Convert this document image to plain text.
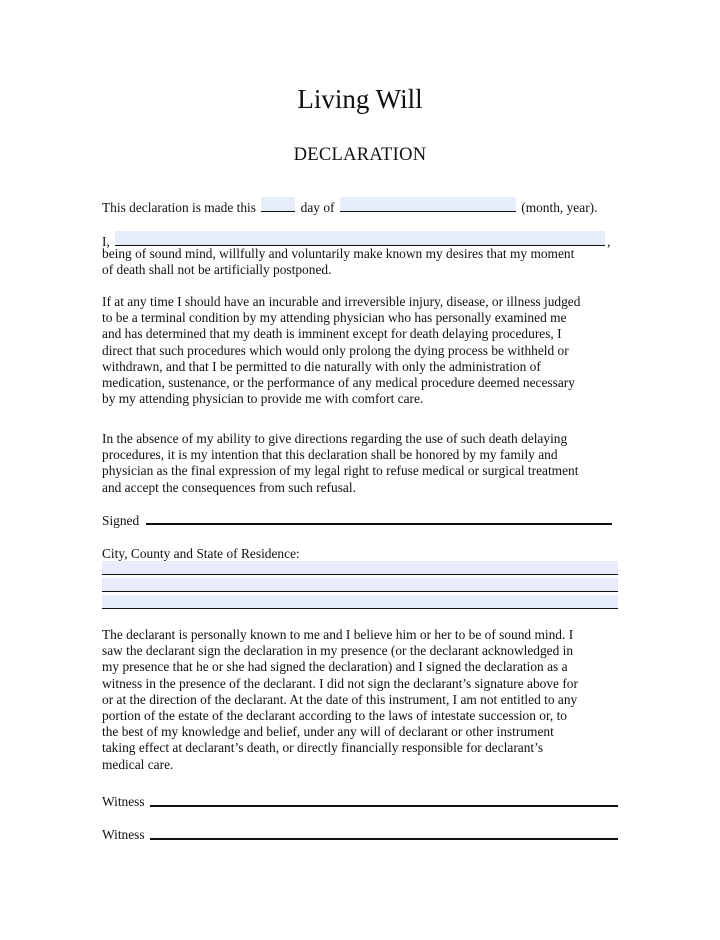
Living Will
DECLARATION
This declaration is made this	day of	(month, year).
I,	,
being of sound mind, willfully and voluntarily make known my desires that my moment
of death shall not be artificially postponed.
If at any time I should have an incurable and irreversible injury, disease, or illness judged
to be a terminal condition by my attending physician who has personally examined me
and has determined that my death is imminent except for death delaying procedures, I
direct that such procedures which would only prolong the dying process be withheld or
withdrawn, and that I be permitted to die naturally with only the administration of
medication, sustenance, or the performance of any medical procedure deemed necessary
by my attending physician to provide me with comfort care.
In the absence of my ability to give directions regarding the use of such death delaying
procedures, it is my intention that this declaration shall be honored by my family and
physician as the final expression of my legal right to refuse medical or surgical treatment
and accept the consequences from such refusal.
Signed
City, County and State of Residence:
The declarant is personally known to me and I believe him or her to be of sound mind. I
saw the declarant sign the declaration in my presence (or the declarant acknowledged in
my presence that he or she had signed the declaration) and I signed the declaration as a
witness in the presence of the declarant. I did not sign the declarant’s signature above for
or at the direction of the declarant. At the date of this instrument, I am not entitled to any
portion of the estate of the declarant according to the laws of intestate succession or, to
the best of my knowledge and belief, under any will of declarant or other instrument
taking effect at declarant’s death, or directly financially responsible for declarant’s
medical care.
Witness
Witness
